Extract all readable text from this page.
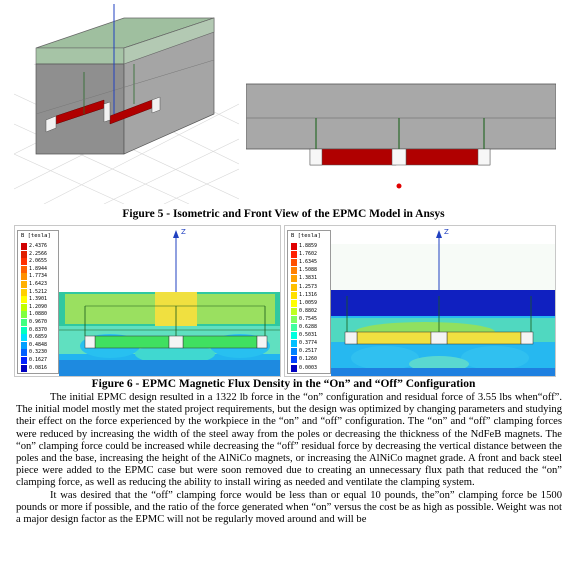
Figure 5 - Isometric and Front View of the EPMC Model in Ansys
Z
B [tesla]
2.4376
2.2566
2.0655
1.8944
1.7734
1.6423
1.5212
1.3901
1.2090
1.0880
0.9670
0.8370
0.6859
0.4848
0.3230
0.1627
0.0816
Z
B [tesla]
1.8859
1.7602
1.6345
1.5088
1.3831
1.2573
1.1316
1.0059
0.8802
0.7545
0.6288
0.5031
0.3774
0.2517
0.1260
0.0003
Figure 6 - EPMC Magnetic Flux Density in the “On” and “Off” Configuration

The initial EPMC design resulted in a 1322 lb force in the “on” configuration and residual force of 3.55 lbs when“off”. The initial model mostly met the stated project requirements, but the design was optimized by changing parameters and studying their effect on the force experienced by the workpiece in the “on” and “off” configuration. The “on” and “off” clamping forces were reduced by increasing the width of the steel away from the poles or decreasing the thickness of the NdFeB magnets. The “on” clamping force could be increased while decreasing the “off” residual force by decreasing the vertical distance between the poles and the base, increasing the height of the AlNiCo magnets, or increasing the AlNiCo magnet grade. A front and back steel piece were added to the EPMC case but were soon removed due to creating an unnecessary flux path that reduced the “on” clamping force, as well as reducing the ability to install wiring as needed and ventilate the clamping system.

It was desired that the “off” clamping force would be less than or equal 10 pounds, the”on” clamping force be 1500 pounds or more if possible, and the ratio of the force generated when “on” versus the cost be as high as possible. Weight was not a major design factor as the EPMC will not be regularly moved around and will be
